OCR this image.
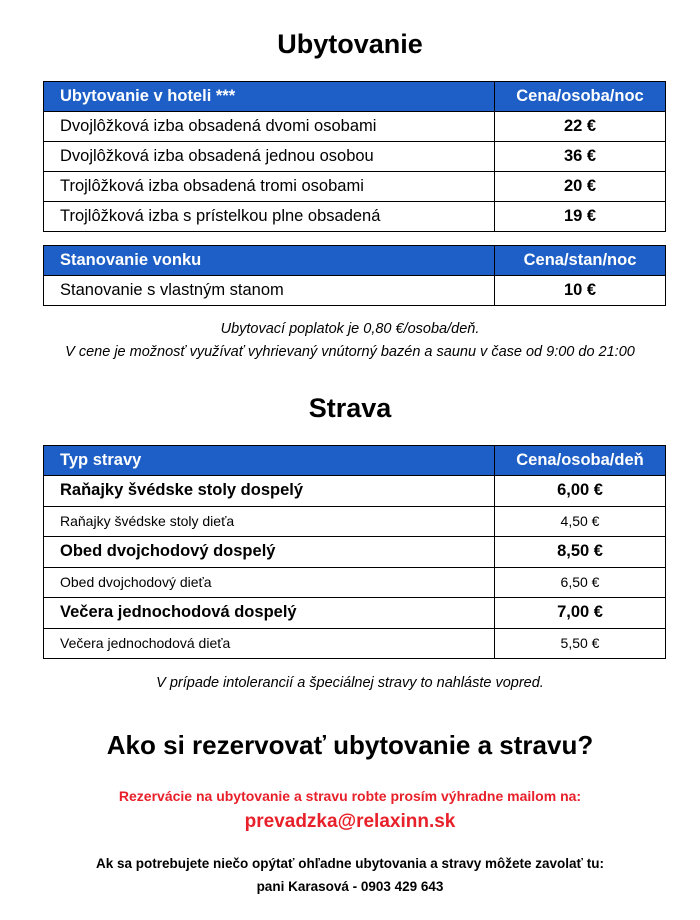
Ubytovanie
Ubytovanie v hoteli ***	Cena/osoba/noc
Dvojlôžková izba obsadená dvomi osobami	22 €
Dvojlôžková izba obsadená jednou osobou	36 €
Trojlôžková izba obsadená tromi osobami	20 €
Trojlôžková izba s prístelkou plne obsadená	19 €
Stanovanie vonku	Cena/stan/noc
Stanovanie s vlastným stanom	10 €
Ubytovací poplatok je 0,80 €/osoba/deň.
V cene je možnosť využívať vyhrievaný vnútorný bazén a saunu v čase od 9:00 do 21:00
Strava
Typ stravy	Cena/osoba/deň
Raňajky švédske stoly dospelý	6,00 €
Raňajky švédske stoly dieťa	4,50 €
Obed dvojchodový dospelý	8,50 €
Obed dvojchodový dieťa	6,50 €
Večera jednochodová dospelý	7,00 €
Večera jednochodová dieťa	5,50 €
V prípade intolerancií a špeciálnej stravy to nahláste vopred.
Ako si rezervovať ubytovanie a stravu?
Rezervácie na ubytovanie a stravu robte prosím výhradne mailom na:
prevadzka@relaxinn.sk
Ak sa potrebujete niečo opýtať ohľadne ubytovania a stravy môžete zavolať tu:
pani Karasová - 0903 429 643
